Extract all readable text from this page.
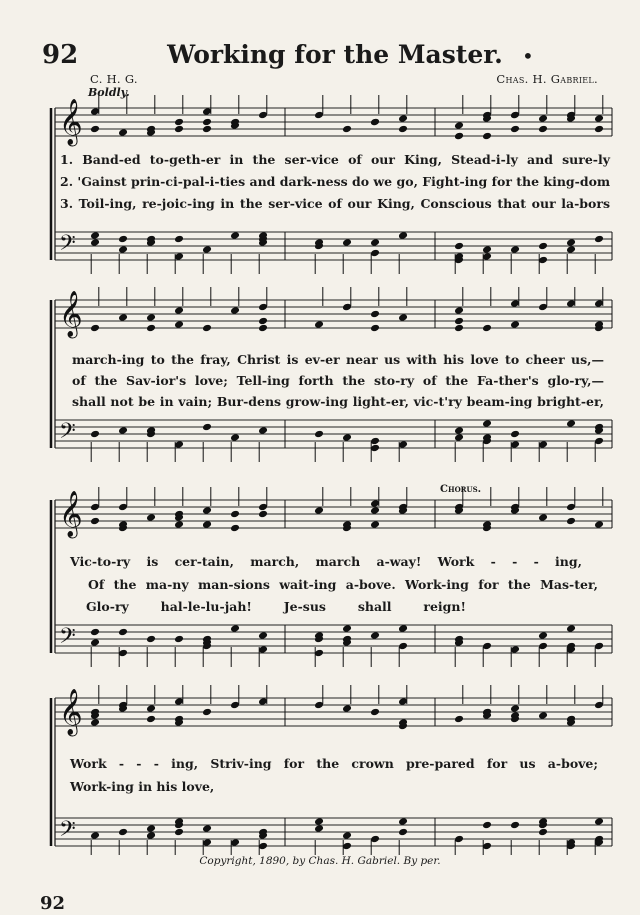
92	Working for the Master. •
C. H. G.	Chas. H. Gabriel.
Boldly.
Chorus.
𝄞
𝄢
𝄞
𝄢
𝄞
𝄢
𝄞
𝄢
1. Band-ed to-geth-er in the ser-vice of our King, Stead-i-ly and sure-ly
2. 'Gainst prin-ci-pal-i-ties and dark-ness do we go, Fight-ing for the king-dom
3. Toil-ing, re-joic-ing in the ser-vice of our King, Conscious that our la-bors
march-ing to the fray, Christ is ev-er near us with his love to cheer us,—
of the Sav-ior's love; Tell-ing forth the sto-ry of the Fa-ther's glo-ry,—
shall not be in vain; Bur-dens grow-ing light-er, vic-t'ry beam-ing bright-er,
Vic-to-ry is cer-tain, march, march a-way! Work - - - ing,
Of the ma-ny man-sions wait-ing a-bove. Work-ing for the Mas-ter,
Glo-ry hal-le-lu-jah! Je-sus shall reign!
Work - - - ing, Striv-ing for the crown pre-pared for us a-bove;
Work-ing in his love,
Copyright, 1890, by Chas. H. Gabriel. By per.
92
